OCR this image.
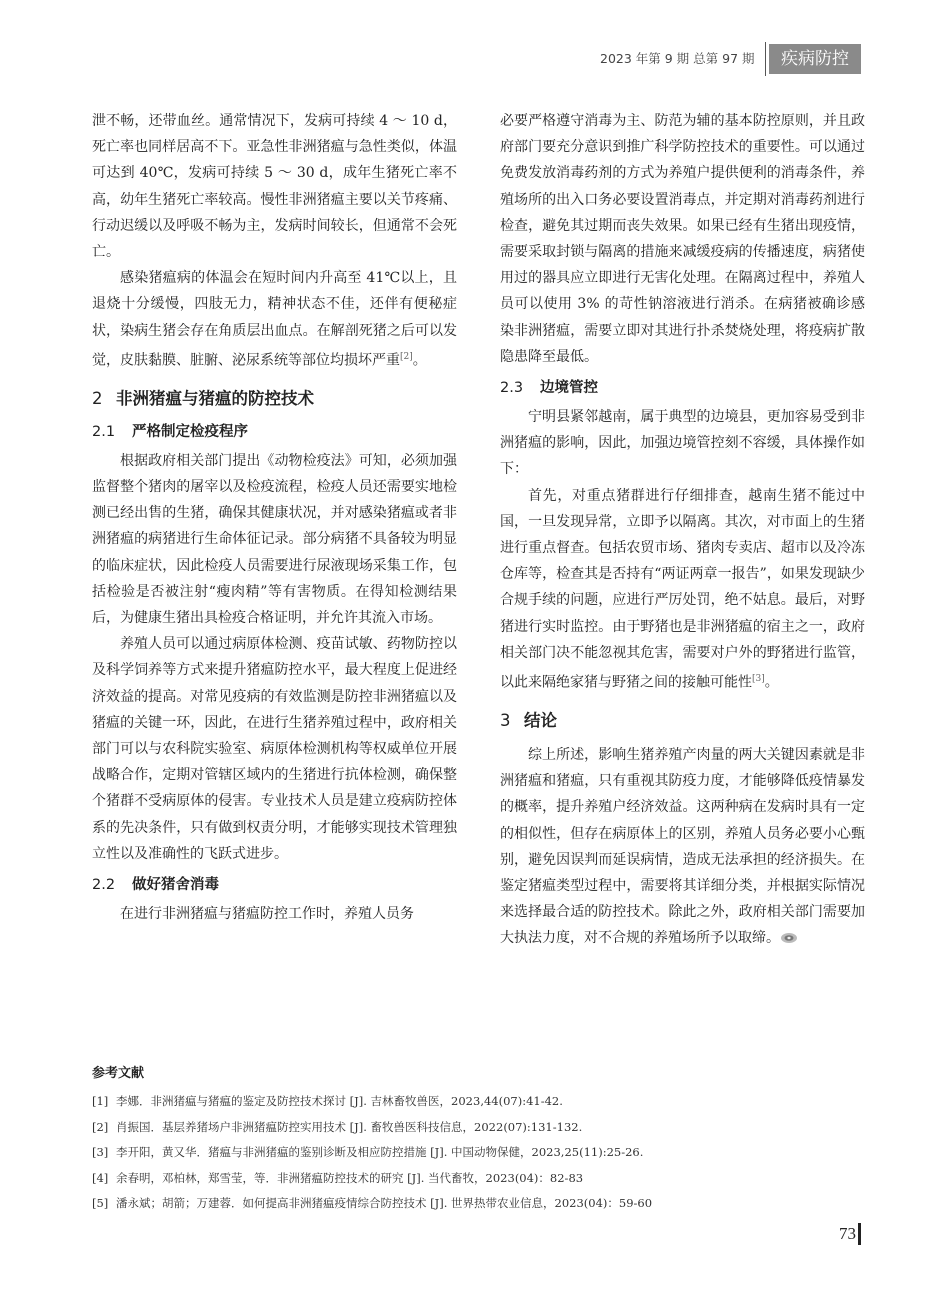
2023 年第 9 期 总第 97 期	疾病防控

泄不畅，还带血丝。通常情况下，发病可持续 4 ～ 10 d，死亡率也同样居高不下。亚急性非洲猪瘟与急性类似，体温可达到 40℃，发病可持续 5 ～ 30 d，成年生猪死亡率不高，幼年生猪死亡率较高。慢性非洲猪瘟主要以关节疼痛、行动迟缓以及呼吸不畅为主，发病时间较长，但通常不会死亡。

感染猪瘟病的体温会在短时间内升高至 41℃以上，且退烧十分缓慢，四肢无力，精神状态不佳，还伴有便秘症状，染病生猪会存在角质层出血点。在解剖死猪之后可以发觉，皮肤黏膜、脏腑、泌尿系统等部位均损坏严重[2]。

2 非洲猪瘟与猪瘟的防控技术
2.1 严格制定检疫程序

根据政府相关部门提出《动物检疫法》可知，必须加强监督整个猪肉的屠宰以及检疫流程，检疫人员还需要实地检测已经出售的生猪，确保其健康状况，并对感染猪瘟或者非洲猪瘟的病猪进行生命体征记录。部分病猪不具备较为明显的临床症状，因此检疫人员需要进行尿液现场采集工作，包括检验是否被注射“瘦肉精”等有害物质。在得知检测结果后，为健康生猪出具检疫合格证明，并允许其流入市场。

养殖人员可以通过病原体检测、疫苗试敏、药物防控以及科学饲养等方式来提升猪瘟防控水平，最大程度上促进经济效益的提高。对常见疫病的有效监测是防控非洲猪瘟以及猪瘟的关键一环，因此，在进行生猪养殖过程中，政府相关部门可以与农科院实验室、病原体检测机构等权威单位开展战略合作，定期对管辖区域内的生猪进行抗体检测，确保整个猪群不受病原体的侵害。专业技术人员是建立疫病防控体系的先决条件，只有做到权责分明，才能够实现技术管理独立性以及准确性的飞跃式进步。

2.2 做好猪舍消毒

在进行非洲猪瘟与猪瘟防控工作时，养殖人员务

必要严格遵守消毒为主、防范为辅的基本防控原则，并且政府部门要充分意识到推广科学防控技术的重要性。可以通过免费发放消毒药剂的方式为养殖户提供便利的消毒条件，养殖场所的出入口务必要设置消毒点，并定期对消毒药剂进行检查，避免其过期而丧失效果。如果已经有生猪出现疫情，需要采取封锁与隔离的措施来减缓疫病的传播速度，病猪使用过的器具应立即进行无害化处理。在隔离过程中，养殖人员可以使用 3% 的苛性钠溶液进行消杀。在病猪被确诊感染非洲猪瘟，需要立即对其进行扑杀焚烧处理，将疫病扩散隐患降至最低。

2.3 边境管控

宁明县紧邻越南，属于典型的边境县，更加容易受到非洲猪瘟的影响，因此，加强边境管控刻不容缓，具体操作如下：

首先，对重点猪群进行仔细排查，越南生猪不能过中国，一旦发现异常，立即予以隔离。其次，对市面上的生猪进行重点督查。包括农贸市场、猪肉专卖店、超市以及冷冻仓库等，检查其是否持有“两证两章一报告”，如果发现缺少合规手续的问题，应进行严厉处罚，绝不姑息。最后，对野猪进行实时监控。由于野猪也是非洲猪瘟的宿主之一，政府相关部门决不能忽视其危害，需要对户外的野猪进行监管，以此来隔绝家猪与野猪之间的接触可能性[3]。

3 结论

综上所述，影响生猪养殖产肉量的两大关键因素就是非洲猪瘟和猪瘟，只有重视其防疫力度，才能够降低疫情暴发的概率，提升养殖户经济效益。这两种病在发病时具有一定的相似性，但存在病原体上的区别，养殖人员务必要小心甄别，避免因误判而延误病情，造成无法承担的经济损失。在鉴定猪瘟类型过程中，需要将其详细分类，并根据实际情况来选择最合适的防控技术。除此之外，政府相关部门需要加大执法力度，对不合规的养殖场所予以取缔。

参考文献
[1] 李娜．非洲猪瘟与猪瘟的鉴定及防控技术探讨 [J]. 吉林畜牧兽医，2023,44(07):41-42.
[2] 肖振国．基层养猪场户非洲猪瘟防控实用技术 [J]. 畜牧兽医科技信息，2022(07):131-132.
[3] 李开阳，黄又华．猪瘟与非洲猪瘟的鉴别诊断及相应防控措施 [J]. 中国动物保健，2023,25(11):25-26.
[4] 余春明，邓柏林，郑雪莹，等．非洲猪瘟防控技术的研究 [J]. 当代畜牧，2023(04)：82-83
[5] 潘永斌；胡箭；万建蓉．如何提高非洲猪瘟疫情综合防控技术 [J]. 世界热带农业信息，2023(04)：59-60
73
